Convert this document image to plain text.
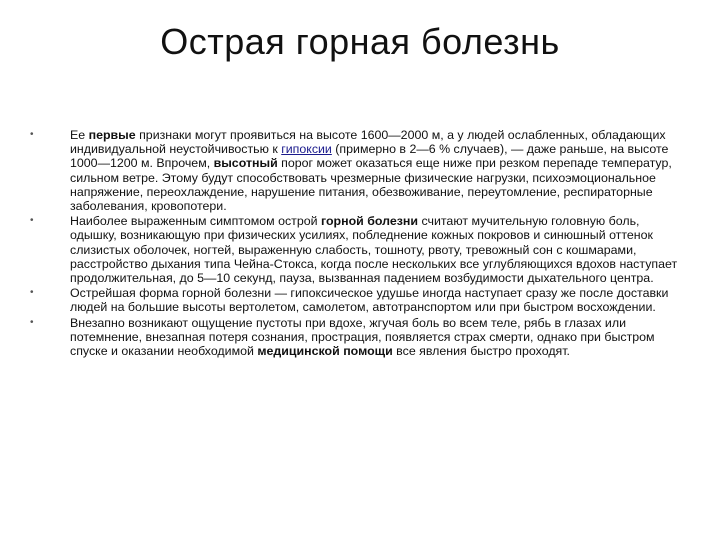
Острая горная болезнь
•	Ее первые признаки могут проявиться на высоте 1600—2000 м, а у людей ослабленных, обладающих индивидуальной неустойчивостью к гипоксии (примерно в 2—6 % случаев), — даже раньше, на высоте 1000—1200 м. Впрочем, высотный порог может оказаться еще ниже при резком перепаде температур, сильном ветре. Этому будут способствовать чрезмерные физические нагрузки, психоэмоциональное напряжение, переохлаждение, нарушение питания, обезвоживание, переутомление, респираторные заболевания, кровопотери.
•	Наиболее выраженным симптомом острой горной болезни считают мучительную головную боль, одышку, возникающую при физических усилиях, побледнение кожных покровов и синюшный оттенок слизистых оболочек, ногтей, выраженную слабость, тошноту, рвоту, тревожный сон с кошмарами, расстройство дыхания типа Чейна-Стокса, когда после нескольких все углубляющихся вдохов наступает продолжительная, до 5—10 секунд, пауза, вызванная падением возбудимости дыхательного центра.
•	Острейшая форма горной болезни — гипоксическое удушье иногда наступает сразу же после доставки людей на большие высоты вертолетом, самолетом, автотранспортом или при быстром восхождении.
•	Внезапно возникают ощущение пустоты при вдохе, жгучая боль во всем теле, рябь в глазах или потемнение, внезапная потеря сознания, прострация, появляется страх смерти, однако при быстром спуске и оказании необходимой медицинской помощи все явления быстро проходят.
